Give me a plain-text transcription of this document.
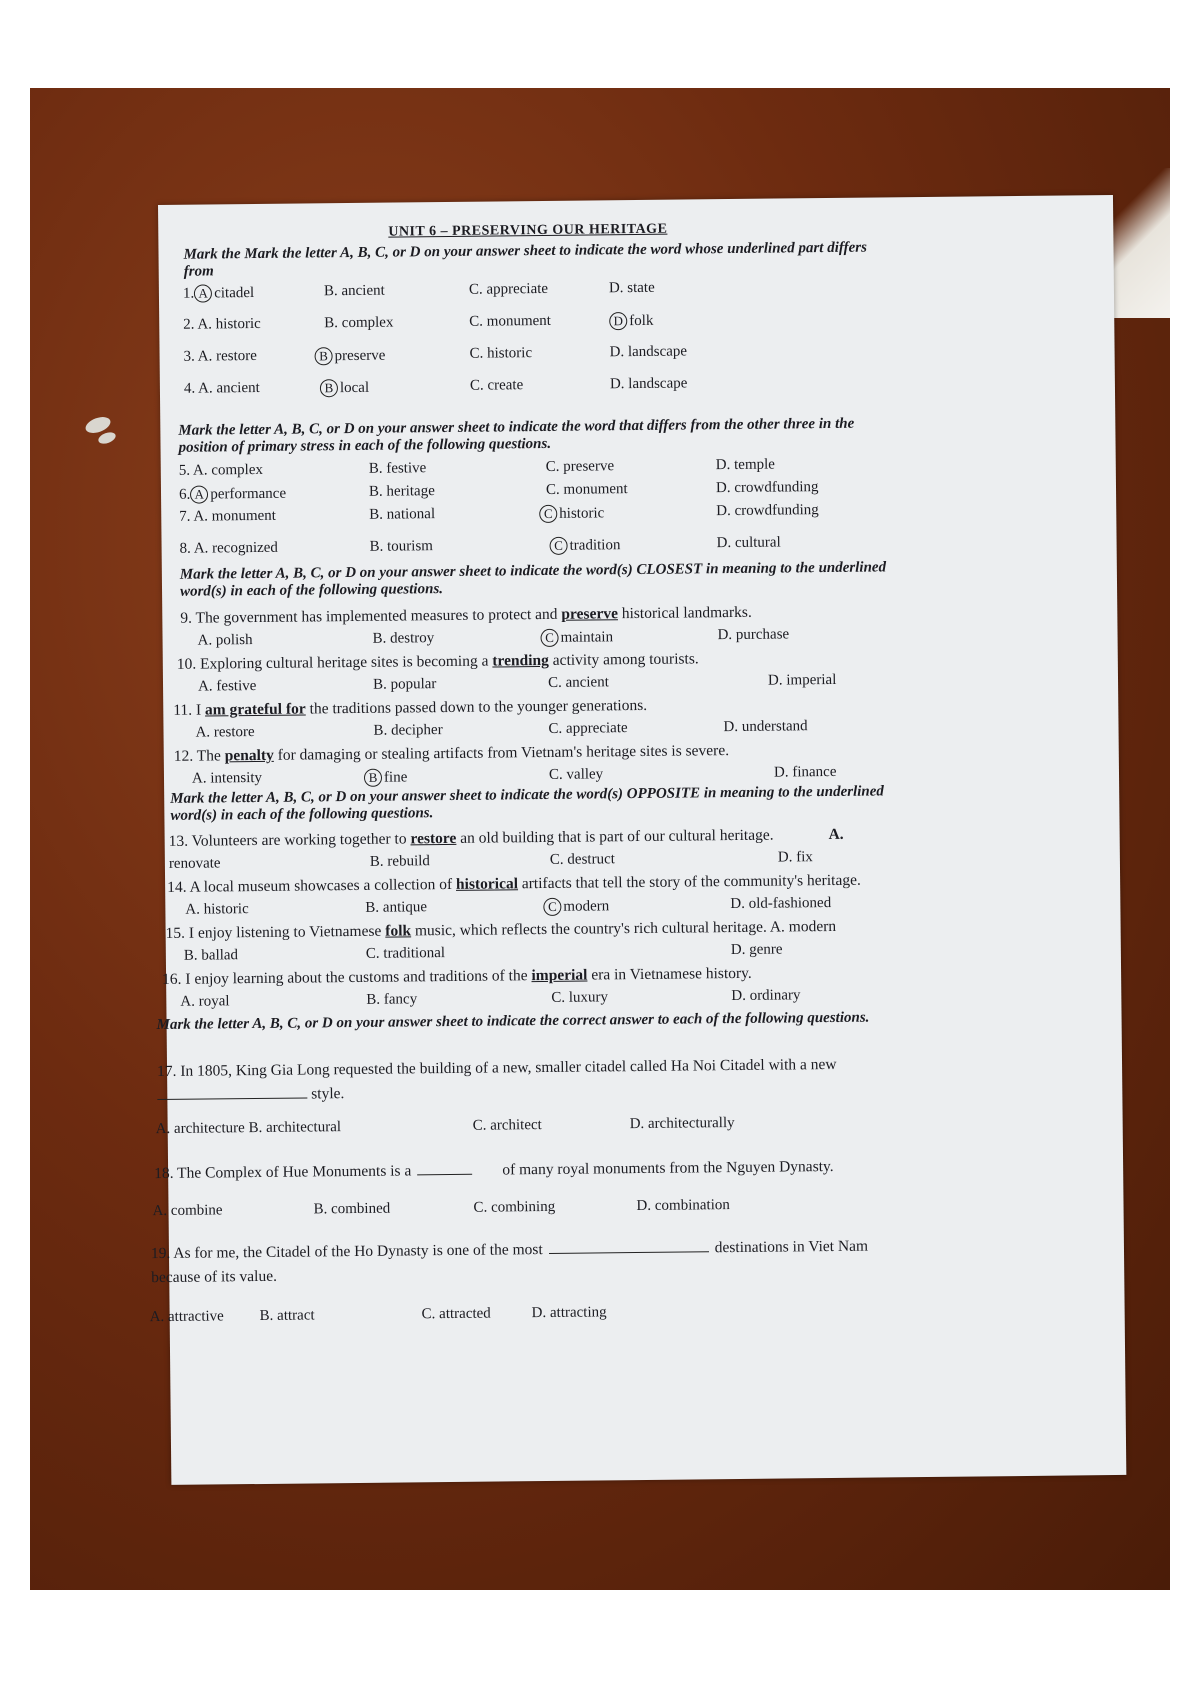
UNIT 6 – PRESERVING OUR HERITAGE
Mark the Mark the letter A, B, C, or D on your answer sheet to indicate the word whose underlined part differs from
1. A citadel	B. ancient	C. appreciate	D. state
2. A. historic	B. complex	C. monument	D folk
3. A. restore	B preserve	C. historic	D. landscape
4. A. ancient	B local	C. create	D. landscape
Mark the letter A, B, C, or D on your answer sheet to indicate the word that differs from the other three in the position of primary stress in each of the following questions.
5. A. complex	B. festive	C. preserve	D. temple
6. A performance	B. heritage	C. monument	D. crowdfunding
7. A. monument	B. national	C historic	D. crowdfunding
8. A. recognized	B. tourism	C tradition	D. cultural
Mark the letter A, B, C, or D on your answer sheet to indicate the word(s) CLOSEST in meaning to the underlined word(s) in each of the following questions.
9. The government has implemented measures to protect and preserve historical landmarks.
A. polish	B. destroy	C maintain	D. purchase
10. Exploring cultural heritage sites is becoming a trending activity among tourists.
A. festive	B. popular	C. ancient	D. imperial
11. I am grateful for the traditions passed down to the younger generations.
A. restore	B. decipher	C. appreciate	D. understand
12. The penalty for damaging or stealing artifacts from Vietnam's heritage sites is severe.
A. intensity	B fine	C. valley	D. finance
Mark the letter A, B, C, or D on your answer sheet to indicate the word(s) OPPOSITE in meaning to the underlined word(s) in each of the following questions.
13. Volunteers are working together to restore an old building that is part of our cultural heritage.	A.
renovate	B. rebuild	C. destruct	D. fix
14. A local museum showcases a collection of historical artifacts that tell the story of the community's heritage.
A. historic	B. antique	C modern	D. old-fashioned
15. I enjoy listening to Vietnamese folk music, which reflects the country's rich cultural heritage. A. modern
B. ballad	C. traditional	D. genre
16. I enjoy learning about the customs and traditions of the imperial era in Vietnamese history.
A. royal	B. fancy	C. luxury	D. ordinary
Mark the letter A, B, C, or D on your answer sheet to indicate the correct answer to each of the following questions.
17. In 1805, King Gia Long requested the building of a new, smaller citadel called Ha Noi Citadel with a new
style.
A. architecture B. architectural	C. architect	D. architecturally
18. The Complex of Hue Monuments is a	of many royal monuments from the Nguyen Dynasty.
A. combine	B. combined	C. combining	D. combination
19. As for me, the Citadel of the Ho Dynasty is one of the most	destinations in Viet Nam
because of its value.
A. attractive B. attract	C. attracted	D. attracting
